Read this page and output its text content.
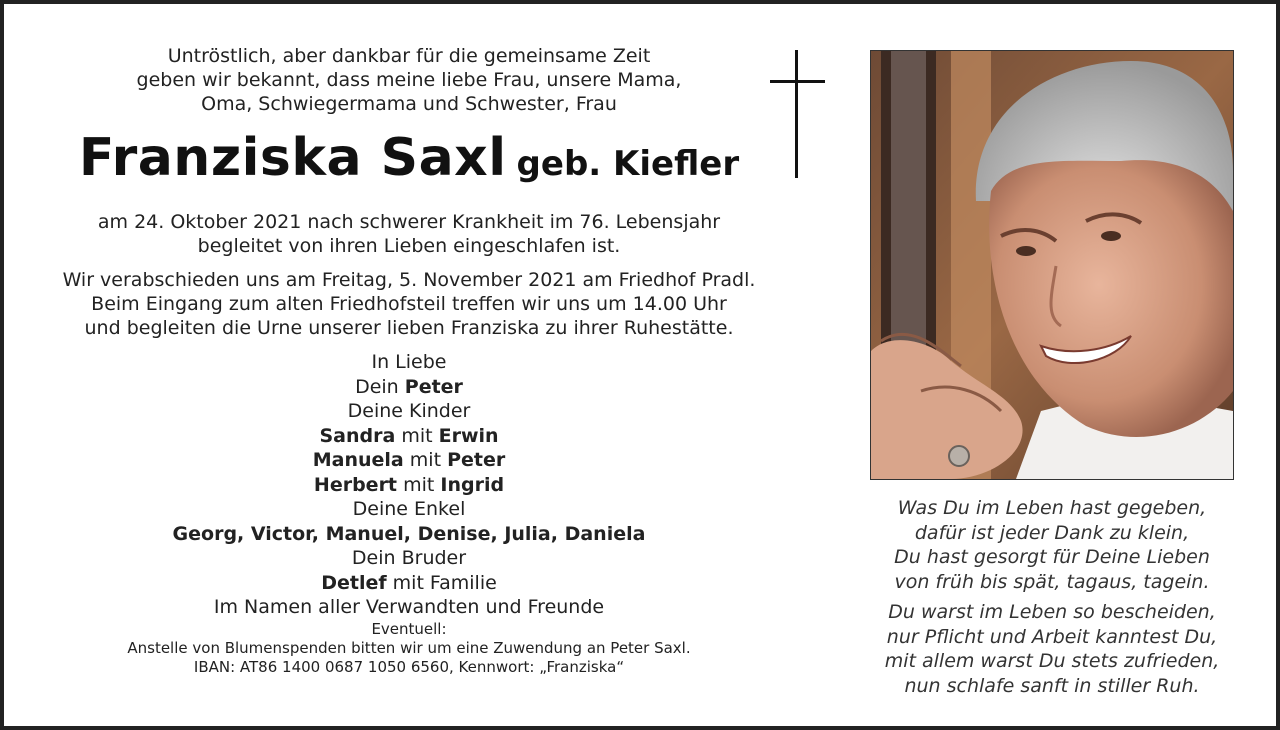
Untröstlich, aber dankbar für die gemeinsame Zeit
geben wir bekannt, dass meine liebe Frau, unsere Mama,
Oma, Schwiegermama und Schwester, Frau

Franziska Saxl geb. Kiefler

am 24. Oktober 2021 nach schwerer Krankheit im 76. Lebensjahr
begleitet von ihren Lieben eingeschlafen ist.

Wir verabschieden uns am Freitag, 5. November 2021 am Friedhof Pradl.
Beim Eingang zum alten Friedhofsteil treffen wir uns um 14.00 Uhr
und begleiten die Urne unserer lieben Franziska zu ihrer Ruhestätte.

In Liebe
Dein Peter
Deine Kinder
Sandra mit Erwin
Manuela mit Peter
Herbert mit Ingrid
Deine Enkel
Georg, Victor, Manuel, Denise, Julia, Daniela
Dein Bruder
Detlef mit Familie
Im Namen aller Verwandten und Freunde
Eventuell:
Anstelle von Blumenspenden bitten wir um eine Zuwendung an Peter Saxl.
IBAN: AT86 1400 0687 1050 6560, Kennwort: „Franziska“

Was Du im Leben hast gegeben,
dafür ist jeder Dank zu klein,
Du hast gesorgt für Deine Lieben
von früh bis spät, tagaus, tagein.

Du warst im Leben so bescheiden,
nur Pflicht und Arbeit kanntest Du,
mit allem warst Du stets zufrieden,
nun schlafe sanft in stiller Ruh.
